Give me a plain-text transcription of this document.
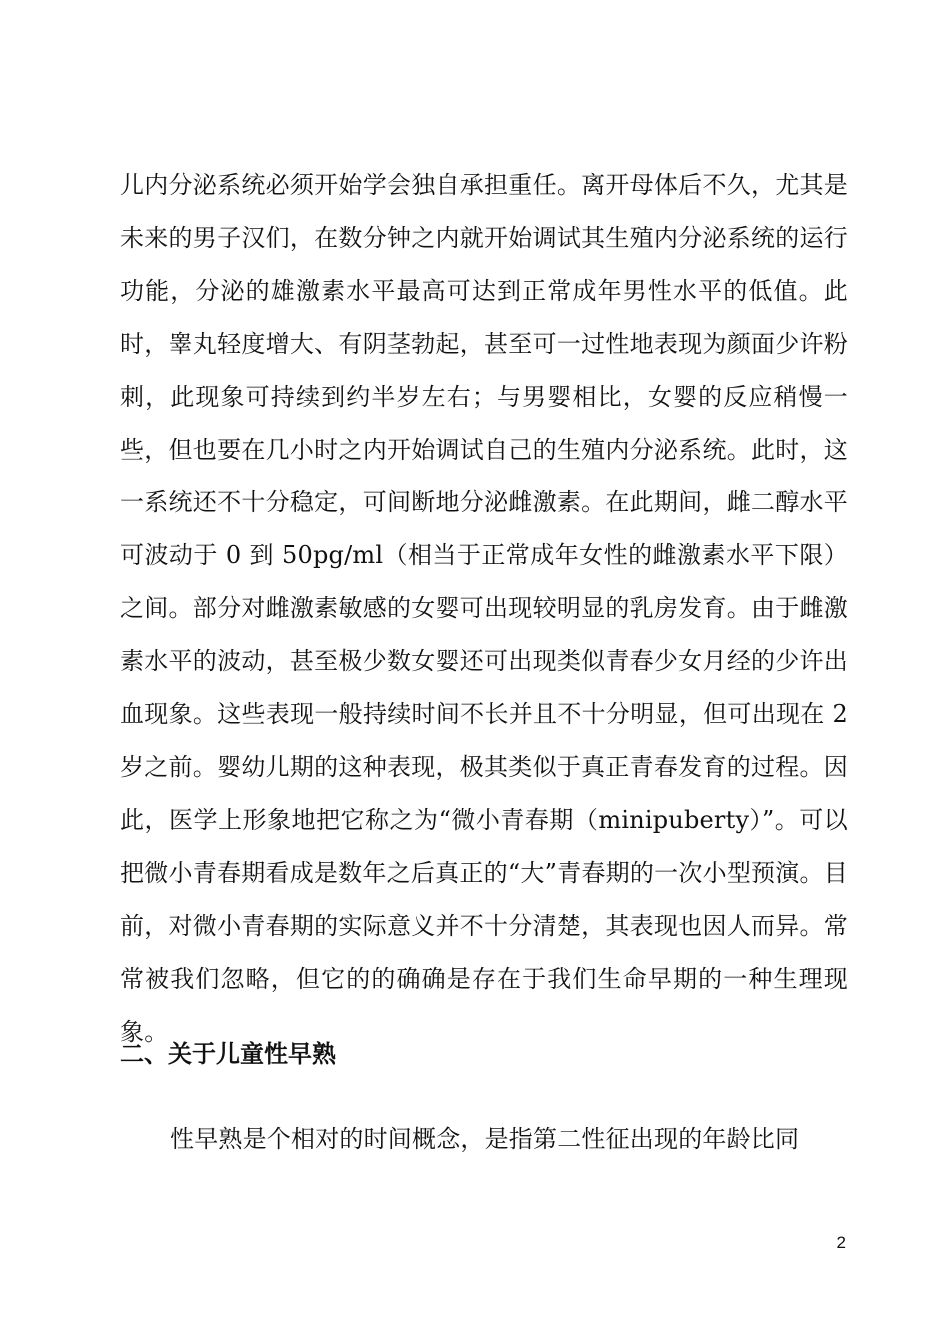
儿内分泌系统必须开始学会独自承担重任。离开母体后不久，尤其是未来的男子汉们，在数分钟之内就开始调试其生殖内分泌系统的运行功能，分泌的雄激素水平最高可达到正常成年男性水平的低值。此时，睾丸轻度增大、有阴茎勃起，甚至可一过性地表现为颜面少许粉刺，此现象可持续到约半岁左右；与男婴相比，女婴的反应稍慢一些，但也要在几小时之内开始调试自己的生殖内分泌系统。此时，这一系统还不十分稳定，可间断地分泌雌激素。在此期间，雌二醇水平可波动于 0 到 50pg/ml（相当于正常成年女性的雌激素水平下限）之间。部分对雌激素敏感的女婴可出现较明显的乳房发育。由于雌激素水平的波动，甚至极少数女婴还可出现类似青春少女月经的少许出血现象。这些表现一般持续时间不长并且不十分明显，但可出现在 2 岁之前。婴幼儿期的这种表现，极其类似于真正青春发育的过程。因此，医学上形象地把它称之为“微小青春期（minipuberty）”。可以把微小青春期看成是数年之后真正的“大”青春期的一次小型预演。目前，对微小青春期的实际意义并不十分清楚，其表现也因人而异。常常被我们忽略，但它的的确确是存在于我们生命早期的一种生理现象。

二、关于儿童性早熟

性早熟是个相对的时间概念，是指第二性征出现的年龄比同

2
